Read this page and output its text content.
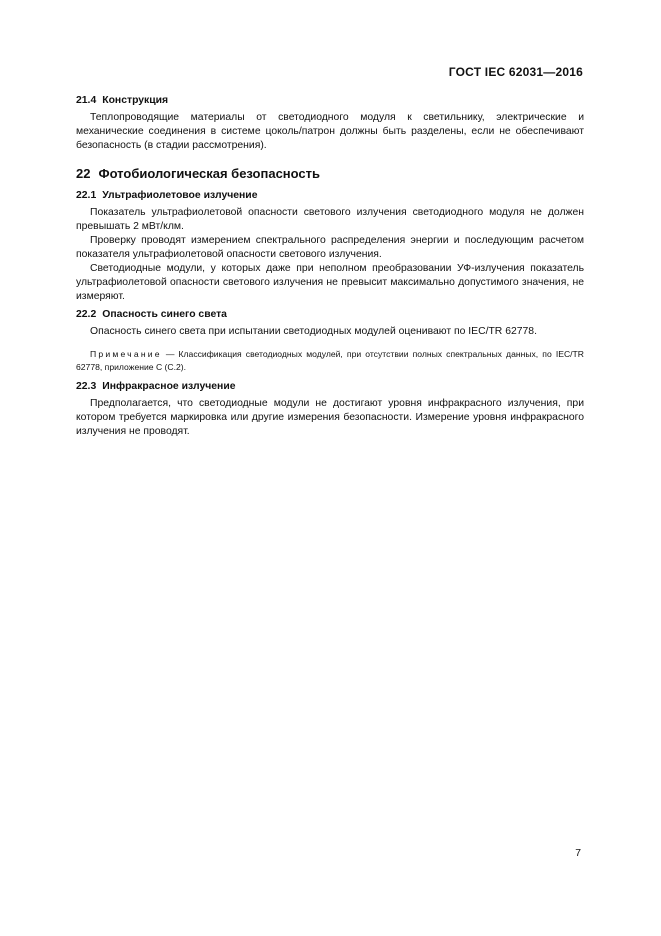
ГОСТ IEC 62031—2016
21.4 Конструкция

Теплопроводящие материалы от светодиодного модуля к светильнику, электрические и механические соединения в системе цоколь/патрон должны быть разделены, если не обеспечивают безопасность (в стадии рассмотрения).

22 Фотобиологическая безопасность
22.1 Ультрафиолетовое излучение

Показатель ультрафиолетовой опасности светового излучения светодиодного модуля не должен превышать 2 мВт/клм.

Проверку проводят измерением спектрального распределения энергии и последующим расчетом показателя ультрафиолетовой опасности светового излучения.

Светодиодные модули, у которых даже при неполном преобразовании УФ-излучения показатель ультрафиолетовой опасности светового излучения не превысит максимально допустимого значения, не измеряют.

22.2 Опасность синего света

Опасность синего света при испытании светодиодных модулей оценивают по IEC/TR 62778.

Примечание — Классификация светодиодных модулей, при отсутствии полных спектральных данных, по IEC/TR 62778, приложение С (С.2).

22.3 Инфракрасное излучение

Предполагается, что светодиодные модули не достигают уровня инфракрасного излучения, при котором требуется маркировка или другие измерения безопасности. Измерение уровня инфракрасного излучения не проводят.

7
